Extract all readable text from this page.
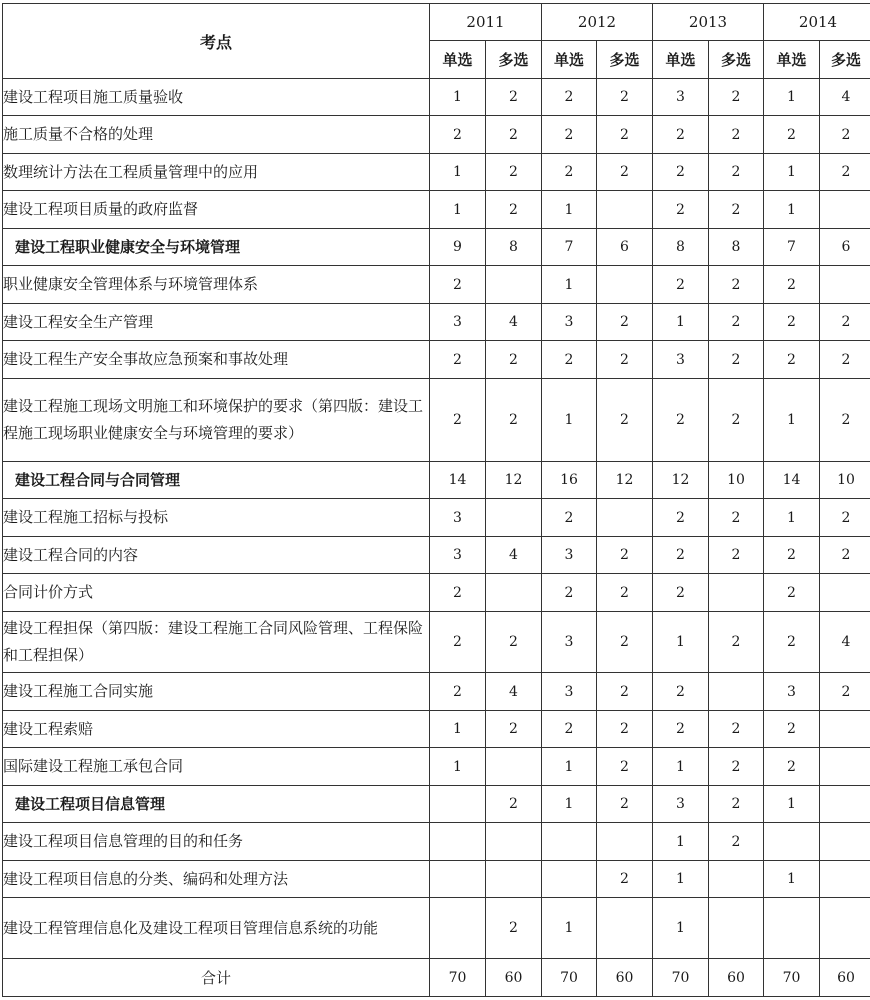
考点	2011		2012		2013		2014	
	单选	多选	单选	多选	单选	多选	单选	多选
建设工程项目施工质量验收	1	2	2	2	3	2	1	4
施工质量不合格的处理	2	2	2	2	2	2	2	2
数理统计方法在工程质量管理中的应用	1	2	2	2	2	2	1	2
建设工程项目质量的政府监督	1	2	1		2	2	1	
建设工程职业健康安全与环境管理	9	8	7	6	8	8	7	6
职业健康安全管理体系与环境管理体系	2		1		2	2	2	
建设工程安全生产管理	3	4	3	2	1	2	2	2
建设工程生产安全事故应急预案和事故处理	2	2	2	2	3	2	2	2
建设工程施工现场文明施工和环境保护的要求（第四版：建设工程施工现场职业健康安全与环境管理的要求）	2	2	1	2	2	2	1	2
建设工程合同与合同管理	14	12	16	12	12	10	14	10
建设工程施工招标与投标	3		2		2	2	1	2
建设工程合同的内容	3	4	3	2	2	2	2	2
合同计价方式	2		2	2	2		2	
建设工程担保（第四版：建设工程施工合同风险管理、工程保险和工程担保）	2	2	3	2	1	2	2	4
建设工程施工合同实施	2	4	3	2	2		3	2
建设工程索赔	1	2	2	2	2	2	2	
国际建设工程施工承包合同	1		1	2	1	2	2	
建设工程项目信息管理		2	1	2	3	2	1	
建设工程项目信息管理的目的和任务					1	2		
建设工程项目信息的分类、编码和处理方法				2	1		1	
建设工程管理信息化及建设工程项目管理信息系统的功能		2	1		1			
合计	70	60	70	60	70	60	70	60
